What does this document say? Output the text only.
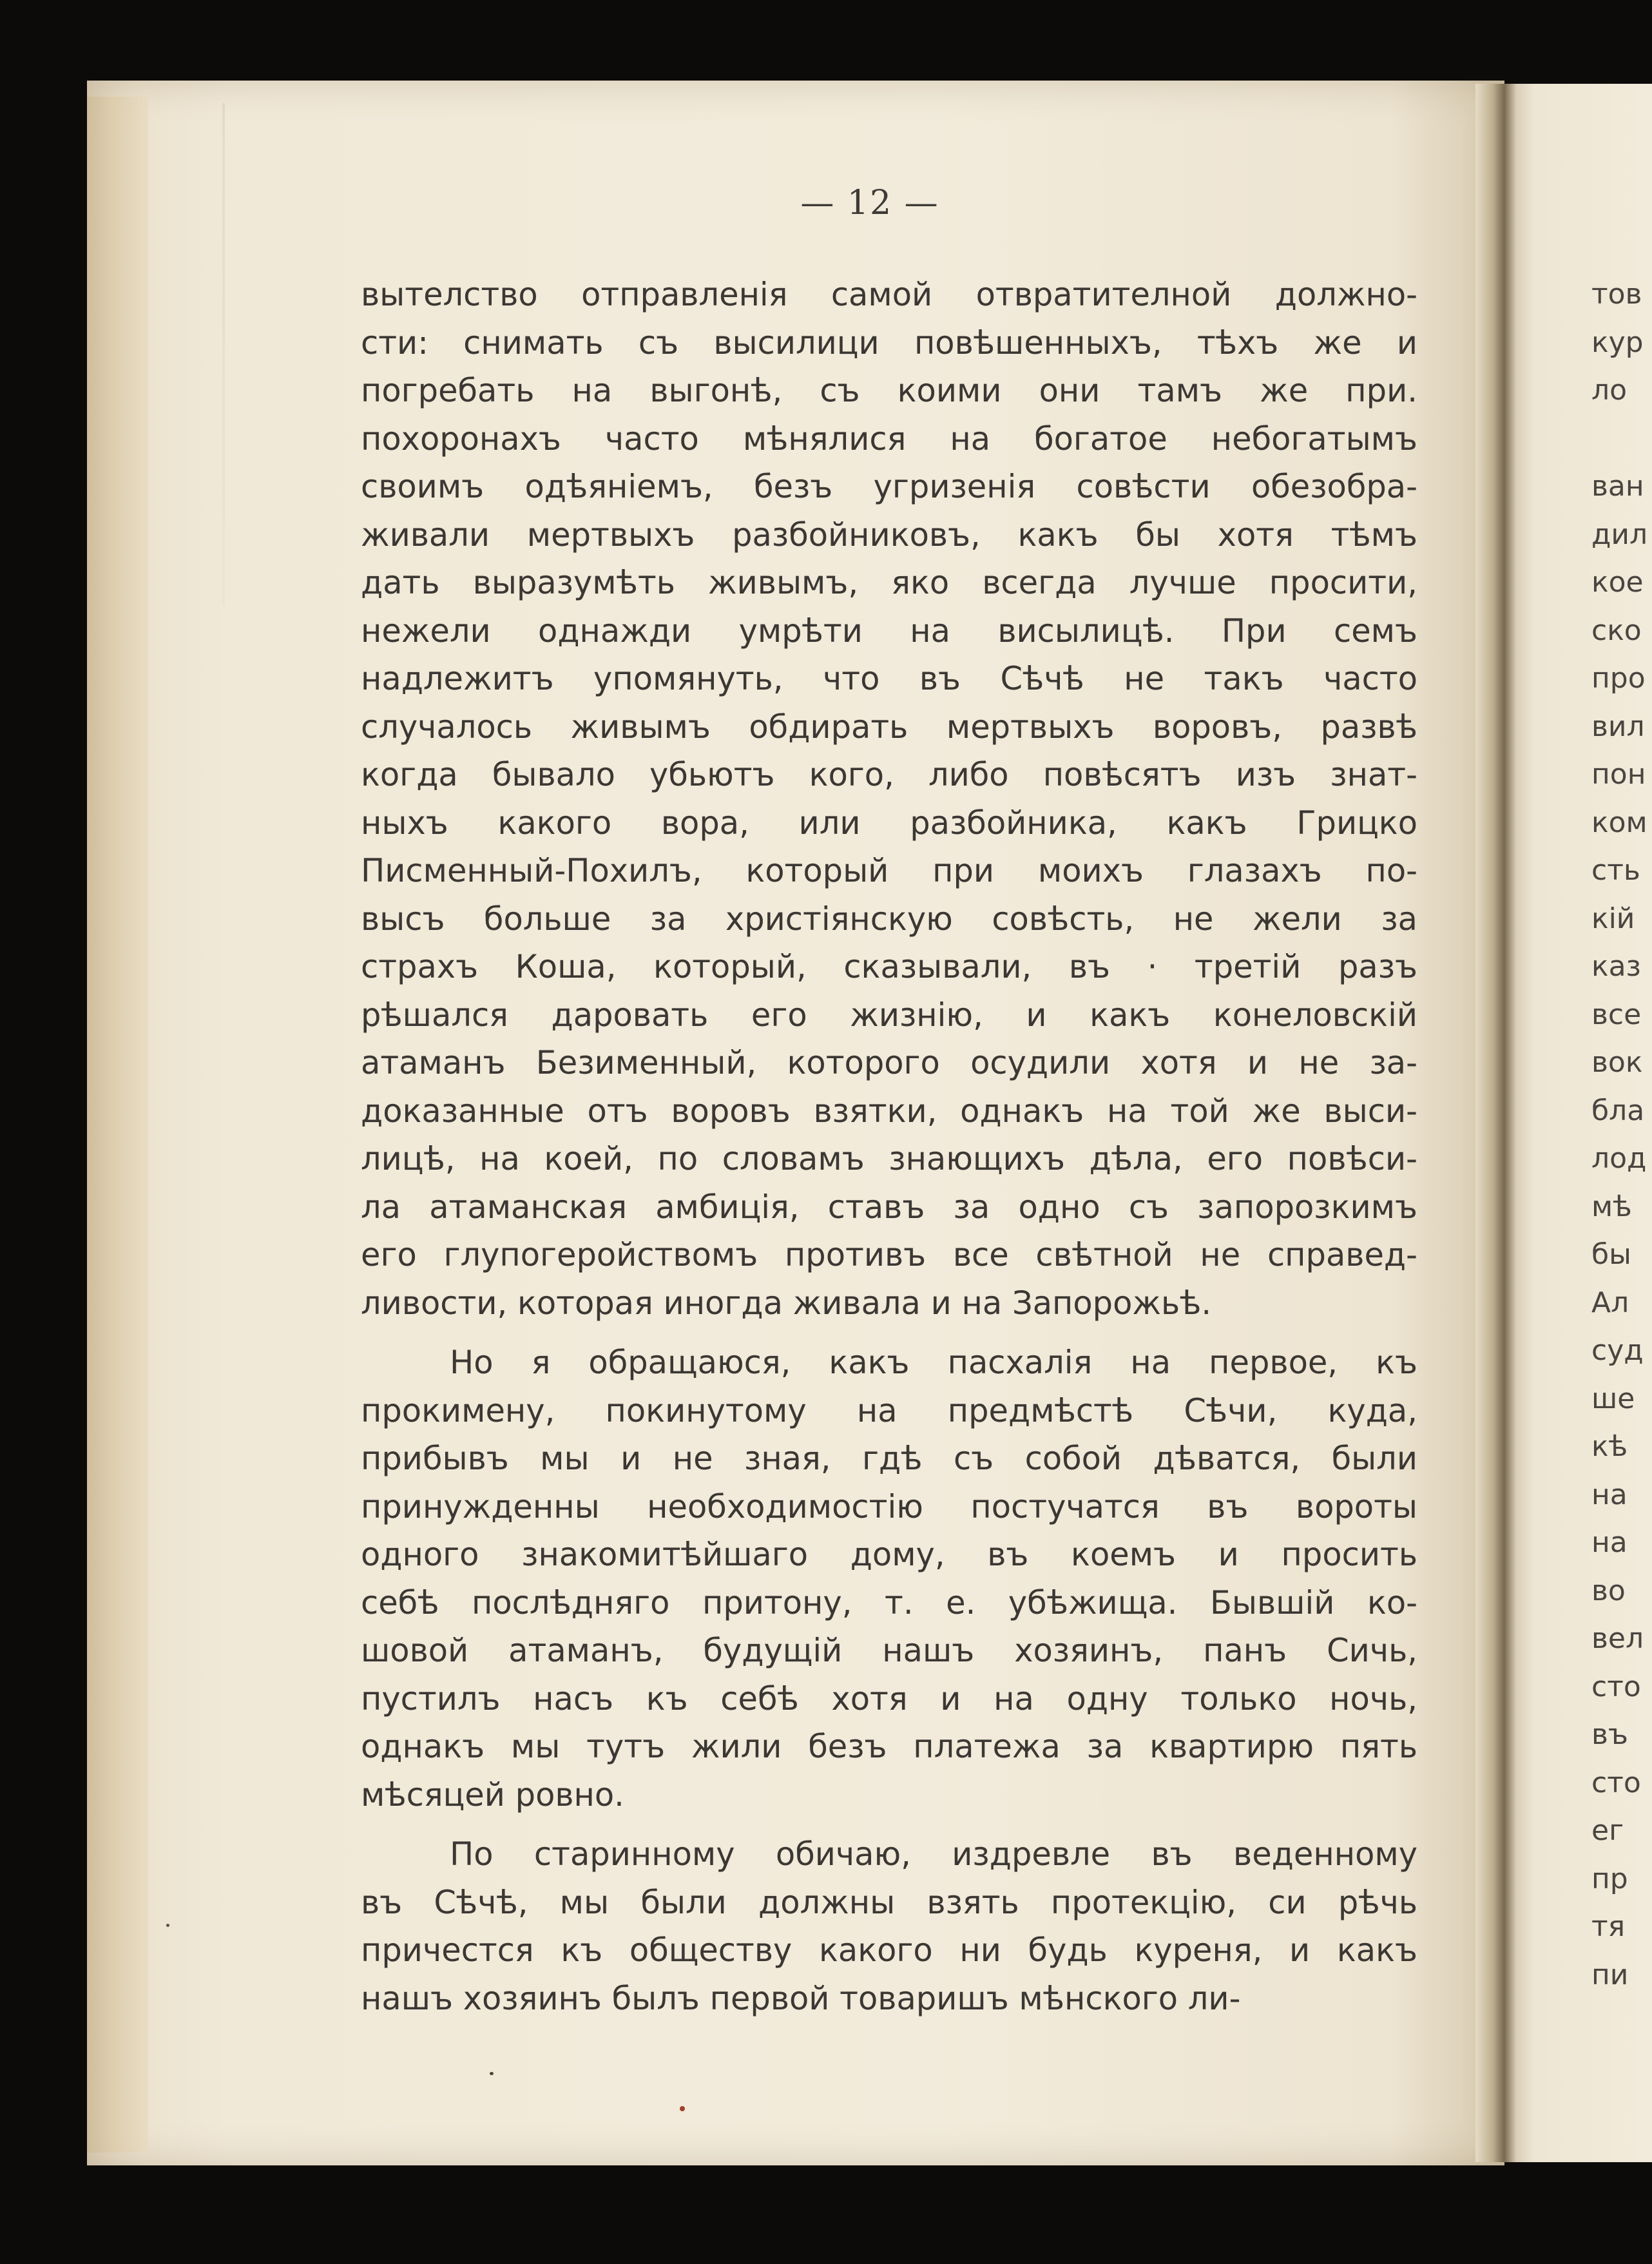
— 12 —
вытелство отправленія самой отвратителной должно-
сти: снимать съ высилици повѣшенныхъ, тѣхъ же и
погребать на выгонѣ, съ коими они тамъ же при.
похоронахъ часто мѣнялися на богатое небогатымъ
своимъ одѣяніемъ, безъ угризенія совѣсти обезобра-
живали мертвыхъ разбойниковъ, какъ бы хотя тѣмъ
дать выразумѣть живымъ, яко всегда лучше просити,
нежели однажди умрѣти на висылицѣ. При семъ
надлежитъ упомянуть, что въ Сѣчѣ не такъ часто
случалось живымъ обдирать мертвыхъ воровъ, развѣ
когда бывало убьютъ кого, либо повѣсятъ изъ знат-
ныхъ какого вора, или разбойника, какъ Грицко
Писменный-Похилъ, который при моихъ глазахъ по-
высъ больше за христіянскую совѣсть, не жели за
страхъ Коша, который, сказывали, въ · третій разъ
рѣшался даровать его жизнію, и какъ конеловскій
атаманъ Безименный, которого осудили хотя и не за-
доказанные отъ воровъ взятки, однакъ на той же выси-
лицѣ, на коей, по словамъ знающихъ дѣла, его повѣси-
ла атаманская амбиція, ставъ за одно съ запорозкимъ
его глупогеройствомъ противъ все свѣтной не справед-
ливости, которая иногда живала и на Запорожьѣ.
Но я обращаюся, какъ пасхалія на первое, къ
прокимену, покинутому на предмѣстѣ Сѣчи, куда,
прибывъ мы и не зная, гдѣ съ собой дѣватся, были
принужденны необходимостію постучатся въ вороты
одного знакомитѣйшаго дому, въ коемъ и просить
себѣ послѣдняго притону, т. е. убѣжища. Бывшій ко-
шовой атаманъ, будущій нашъ хозяинъ, панъ Сичь,
пустилъ насъ къ себѣ хотя и на одну только ночь,
однакъ мы тутъ жили безъ платежа за квартирю пять
мѣсяцей ровно.
По старинному обичаю, издревле въ веденному
въ Сѣчѣ, мы были должны взять протекцію, си рѣчь
причестся къ обществу какого ни будь куреня, и какъ
нашъ хозяинъ былъ первой товаришъ мѣнского ли-
тов
кур
ло
ван
дил
кое
ско
про
вил
пон
ком
сть
кій
каз
все
вок
бла
лод
мѣ
бы
Ал
суд
ше
кѣ
на
на
во
вел
сто
въ
сто
ег
пр
тя
пи
